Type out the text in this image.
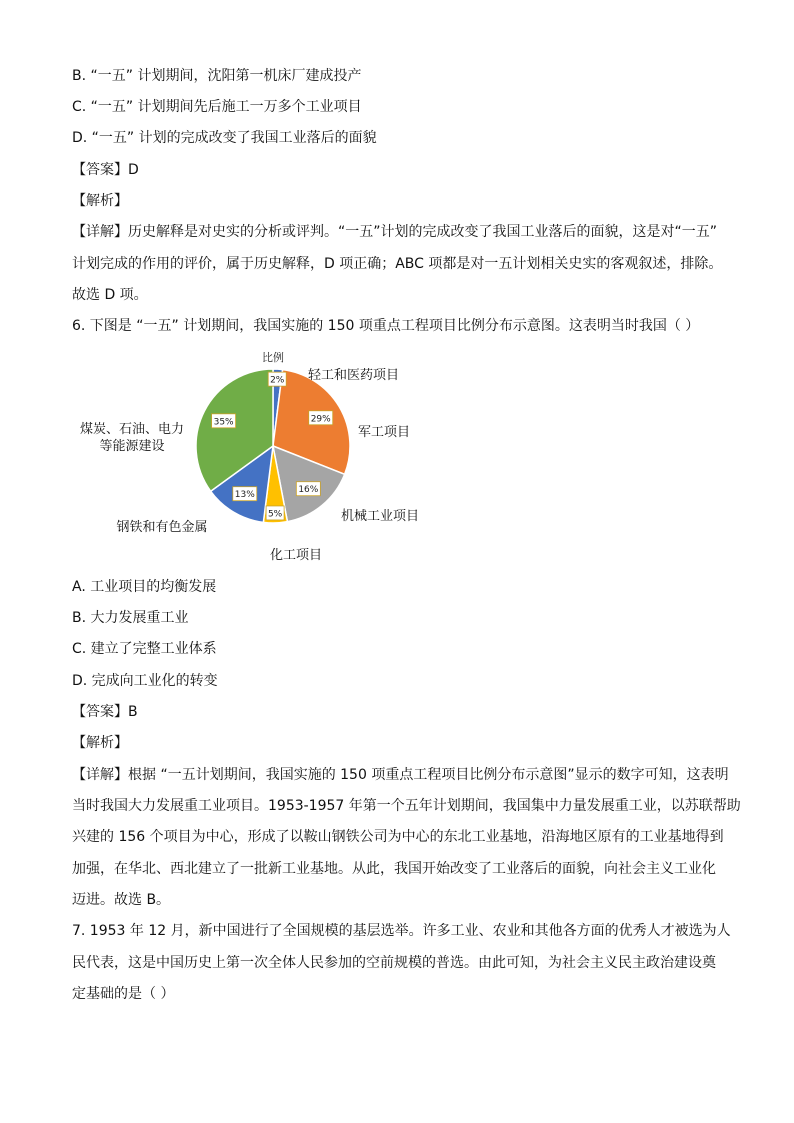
B. “一五” 计划期间，沈阳第一机床厂建成投产
C. “一五” 计划期间先后施工一万多个工业项目
D. “一五” 计划的完成改变了我国工业落后的面貌
【答案】D
【解析】
【详解】历史解释是对史实的分析或评判。“一五”计划的完成改变了我国工业落后的面貌，这是对“一五”
计划完成的作用的评价，属于历史解释，D 项正确；ABC 项都是对一五计划相关史实的客观叙述，排除。
故选 D 项。
6. 下图是 “一五” 计划期间，我国实施的 150 项重点工程项目比例分布示意图。这表明当时我国（ ）
比例
2% 轻工和医药项目
29%
军工项目
16%
机械工业项目
5%
化工项目
13%
钢铁和有色金属
35%
煤炭、石油、电力
等能源建设
A. 工业项目的均衡发展
B. 大力发展重工业
C. 建立了完整工业体系
D. 完成向工业化的转变
【答案】B
【解析】
【详解】根据 “一五计划期间，我国实施的 150 项重点工程项目比例分布示意图”显示的数字可知，这表明
当时我国大力发展重工业项目。1953-1957 年第一个五年计划期间，我国集中力量发展重工业，以苏联帮助
兴建的 156 个项目为中心，形成了以鞍山钢铁公司为中心的东北工业基地，沿海地区原有的工业基地得到
加强，在华北、西北建立了一批新工业基地。从此，我国开始改变了工业落后的面貌，向社会主义工业化
迈进。故选 B。
7. 1953 年 12 月，新中国进行了全国规模的基层选举。许多工业、农业和其他各方面的优秀人才被选为人
民代表，这是中国历史上第一次全体人民参加的空前规模的普选。由此可知，为社会主义民主政治建设奠
定基础的是（ ）
